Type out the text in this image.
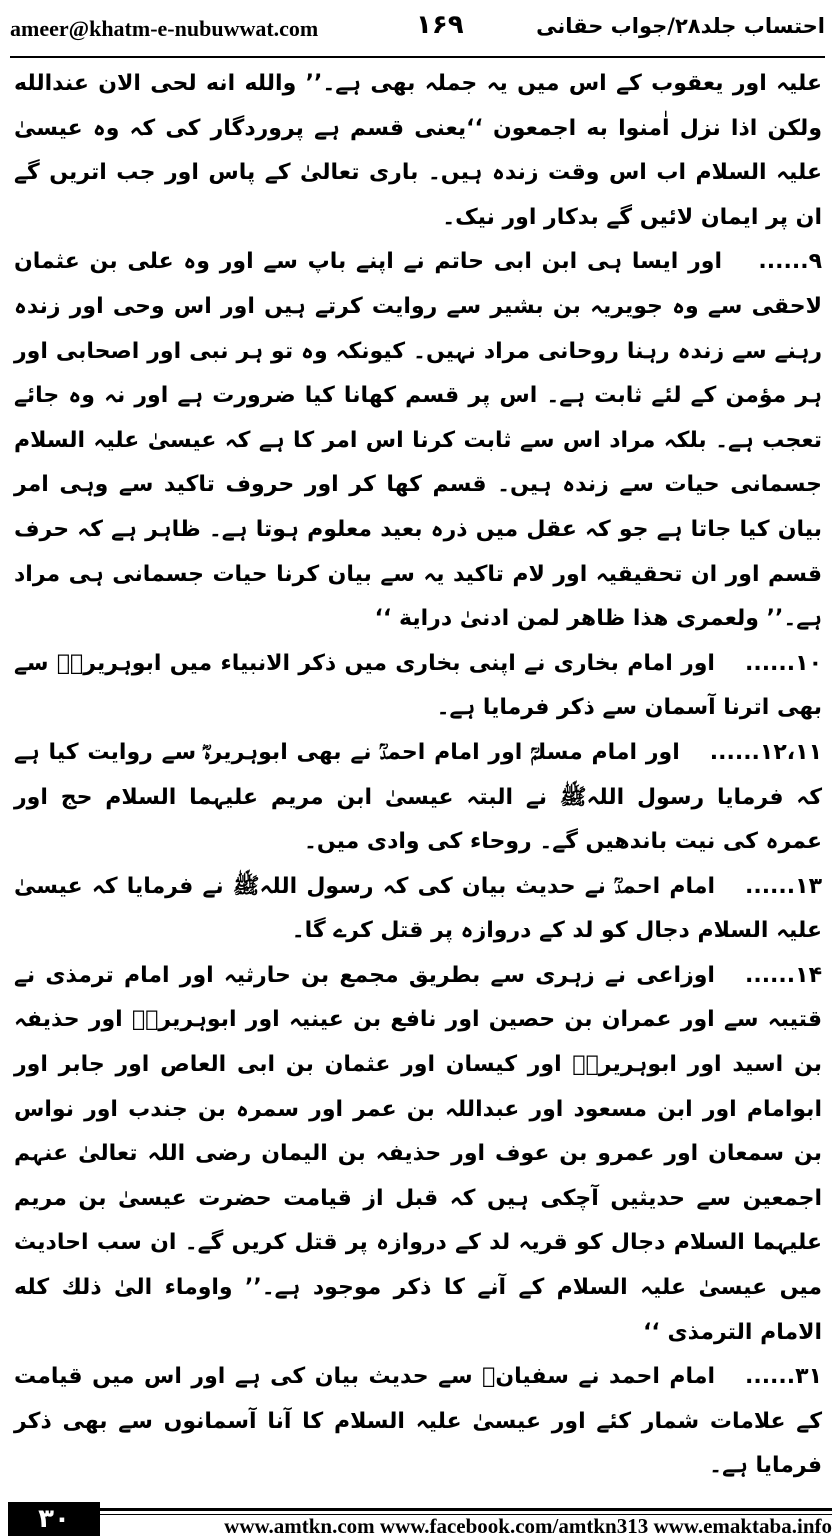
ameer@khatm-e-nubuwwat.com	۱۶۹	احتساب جلد۲۸/جواب حقانی

علیہ اور یعقوب کے اس میں یہ جملہ بھی ہے۔’’ والله انه لحی الان عندالله ولكن اذا نزل اٰمنوا به اجمعون ‘‘یعنی قسم ہے پروردگار کی کہ وہ عیسیٰ علیہ السلام اب اس وقت زندہ ہیں۔ باری تعالیٰ کے پاس اور جب اتریں گے ان پر ایمان لائیں گے بدکار اور نیک۔

۹......اور ایسا ہی ابن ابی حاتم نے اپنے باپ سے اور وہ علی بن عثمان لاحقی سے وہ جویریہ بن بشیر سے روایت کرتے ہیں اور اس وحی اور زندہ رہنے سے زندہ رہنا روحانی مراد نہیں۔ کیونکہ وہ تو ہر نبی اور اصحابی اور ہر مؤمن کے لئے ثابت ہے۔ اس پر قسم کھانا کیا ضرورت ہے اور نہ وہ جائے تعجب ہے۔ بلکہ مراد اس سے ثابت کرنا اس امر کا ہے کہ عیسیٰ علیہ السلام جسمانی حیات سے زندہ ہیں۔ قسم کھا کر اور حروف تاکید سے وہی امر بیان کیا جاتا ہے جو کہ عقل میں ذرہ بعید معلوم ہوتا ہے۔ ظاہر ہے کہ حرف قسم اور ان تحقیقیہ اور لام تاکید یہ سے بیان کرنا حیات جسمانی ہی مراد ہے۔’’ ولعمری هذا ظاهر لمن ادنیٰ درایة ‘‘

۱۰......اور امام بخاری نے اپنی بخاری میں ذکر الانبیاء میں ابوہریرہؓ سے بھی اترنا آسمان سے ذکر فرمایا ہے۔

۱۲،۱۱......اور امام مسلمؒ اور امام احمدؒ نے بھی ابوہریرہؓ سے روایت کیا ہے کہ فرمایا رسول اللہﷺ نے البتہ عیسیٰ ابن مریم علیہما السلام حج اور عمرہ کی نیت باندھیں گے۔ روحاء کی وادی میں۔

۱۳......امام احمدؒ نے حدیث بیان کی کہ رسول اللہﷺ نے فرمایا کہ عیسیٰ علیہ السلام دجال کو لد کے دروازہ پر قتل کرے گا۔

۱۴......اوزاعی نے زہری سے بطریق مجمع بن حارثیہ اور امام ترمذی نے قتیبہ سے اور عمران بن حصین اور نافع بن عینیہ اور ابوہریرہؓ اور حذیفہ بن اسید اور ابوہریرہؓ اور کیسان اور عثمان بن ابی العاص اور جابر اور ابوامام اور ابن مسعود اور عبداللہ بن عمر اور سمرہ بن جندب اور نواس بن سمعان اور عمرو بن عوف اور حذیفہ بن الیمان رضی اللہ تعالیٰ عنہم اجمعین سے حدیثیں آچکی ہیں کہ قبل از قیامت حضرت عیسیٰ بن مریم علیہما السلام دجال کو قریہ لد کے دروازہ پر قتل کریں گے۔ ان سب احادیث میں عیسیٰ علیہ السلام کے آنے کا ذکر موجود ہے۔’’ واوماء الیٰ ذلك كله الامام الترمذی ‘‘

۳۱......امام احمد نے سفیانؒ سے حدیث بیان کی ہے اور اس میں قیامت کے علامات شمار کئے اور عیسیٰ علیہ السلام کا آنا آسمانوں سے بھی ذکر فرمایا ہے۔

۳۰	www.amtkn.com www.facebook.com/amtkn313 www.emaktaba.info
